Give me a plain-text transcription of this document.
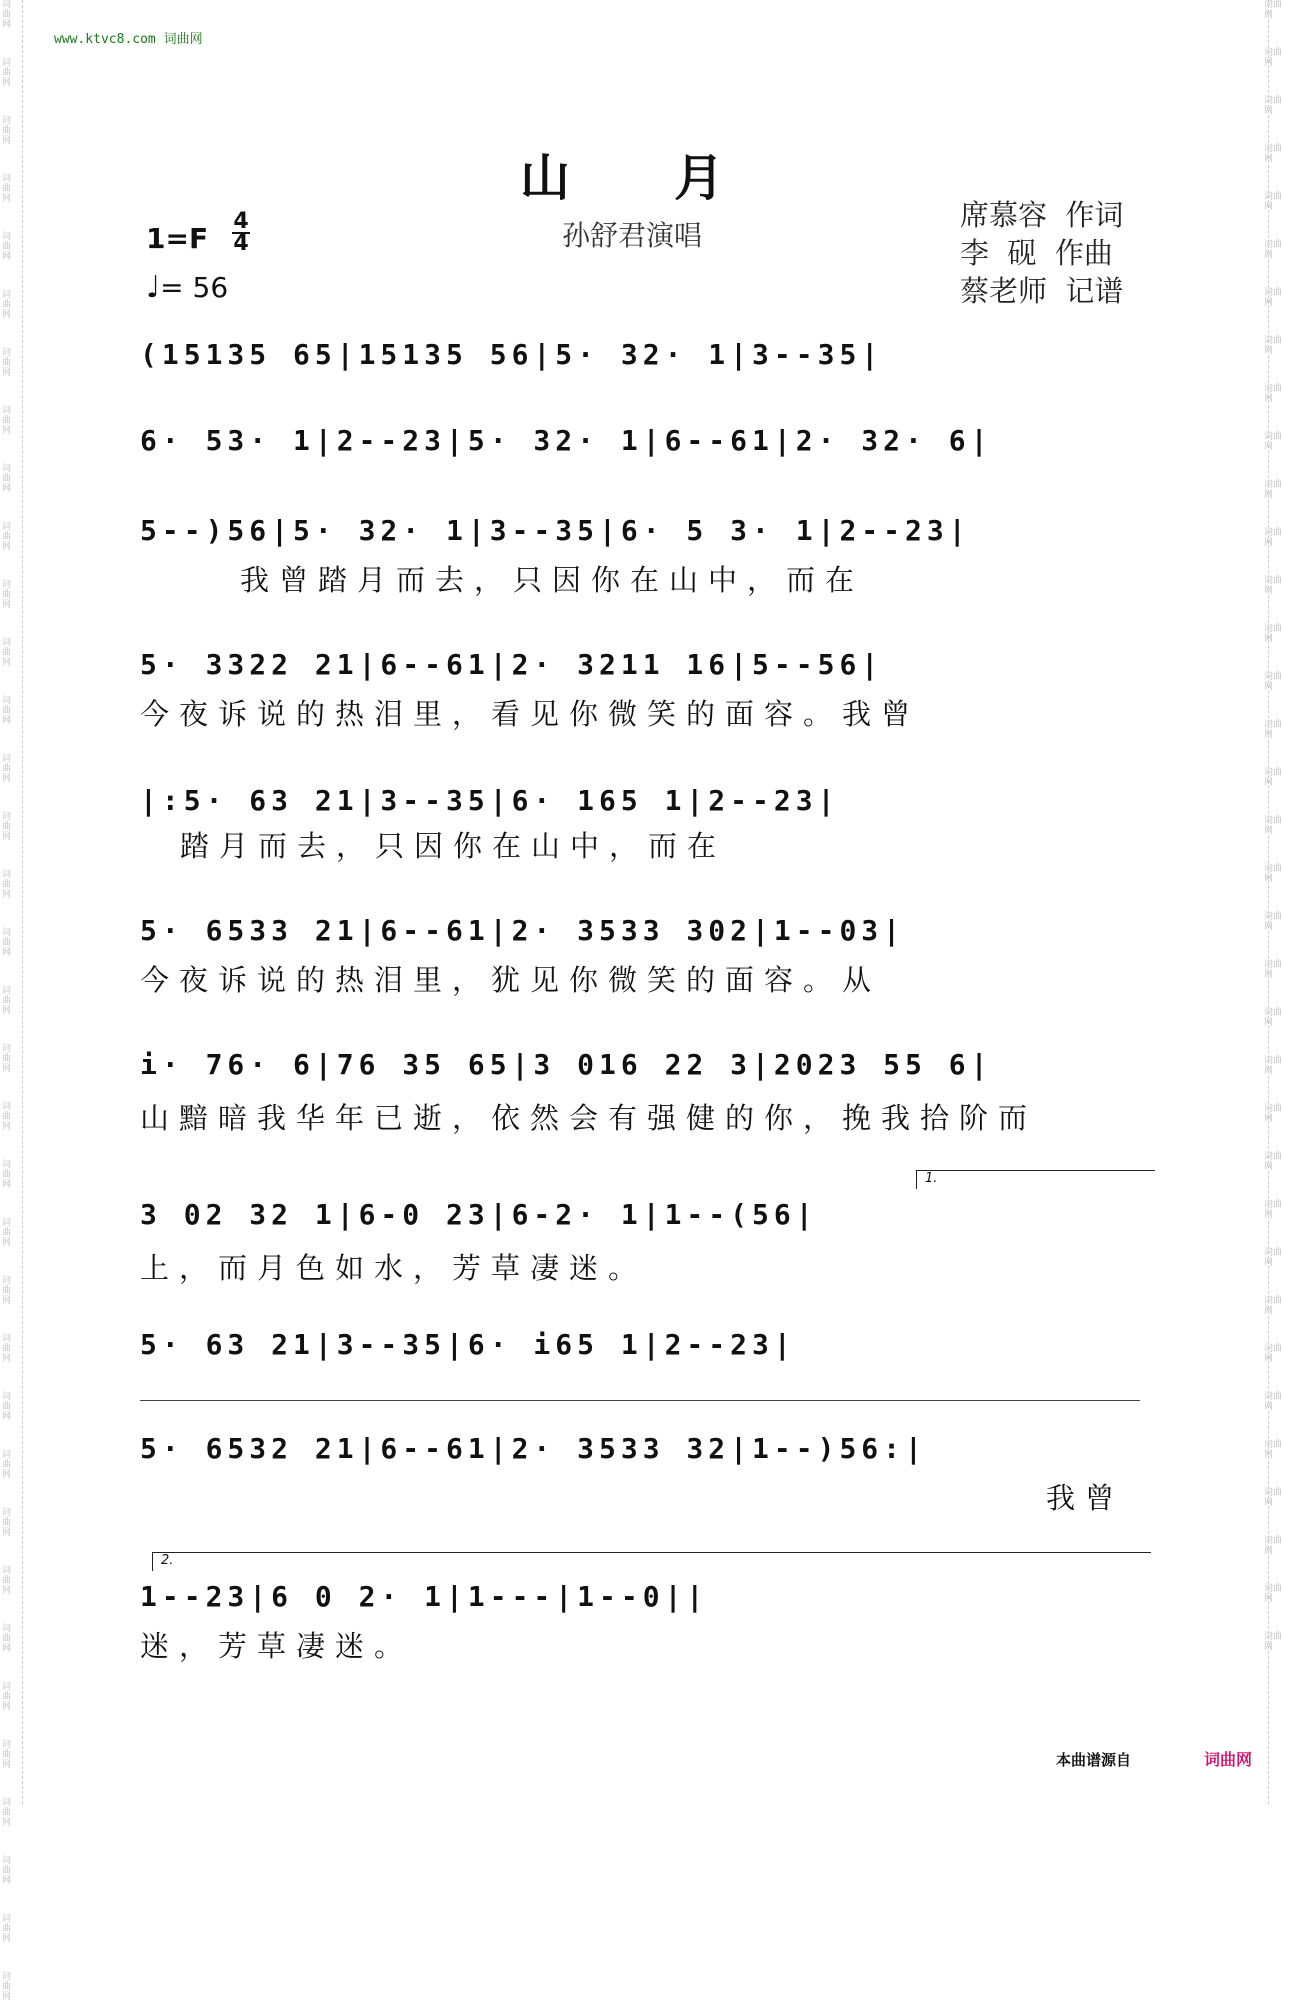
词曲网
词曲网
词曲网
词曲网
词曲网
词曲网
词曲网
词曲网
词曲网
词曲网
词曲网
词曲网
词曲网
词曲网
词曲网
词曲网
词曲网
词曲网
词曲网
词曲网
词曲网
词曲网
词曲网
词曲网
词曲网
词曲网
词曲网
词曲网
词曲网
词曲网
词曲网
词曲网
词曲网
词曲网
词曲网
词曲网
词曲网
词曲网
词曲网
词曲网
词曲网
词曲网
词曲网
词曲网
词曲网
词曲网
词曲网
词曲网
词曲网
词曲网
词曲网
词曲网
词曲网
词曲网
词曲网
词曲网
词曲网
词曲网
词曲网
词曲网
词曲网
词曲网
词曲网
词曲网
词曲网
词曲网
词曲网
词曲网
词曲网
词曲网
www.ktvc8.com 词曲网
山月
孙舒君演唱
席慕容  作词
李  砚  作曲
蔡老师  记谱
1=F
4
4
♩= 56
(15135 65|15135 56|5· 32· 1|3--35|
6· 53· 1|2--23|5· 32· 1|6--61|2· 32· 6|
5--)56|5· 32· 1|3--35|6· 5 3· 1|2--23|
我曾踏月而去，只因你在山中，而在
5· 3322 21|6--61|2· 3211 16|5--56|
今夜诉说的热泪里，看见你微笑的面容。我曾
|:5· 63 21|3--35|6· 165 1|2--23|
踏月而去，只因你在山中，而在
5· 6533 21|6--61|2· 3533 302|1--03|
今夜诉说的热泪里，犹见你微笑的面容。从
i· 76· 6|76 35 65|3 016 22 3|2023 55 6|
山黯暗我华年已逝，依然会有强健的你，挽我拾阶而
1.
3 02 32 1|6-0 23|6-2· 1|1--(56|
上，而月色如水，芳草凄迷。
5· 63 21|3--35|6· i65 1|2--23|
5· 6532 21|6--61|2· 3533 32|1--)56:|
我曾
2.
1--23|6 0 2· 1|1---|1--0||
迷，芳草凄迷。
本曲谱源自	词曲网
